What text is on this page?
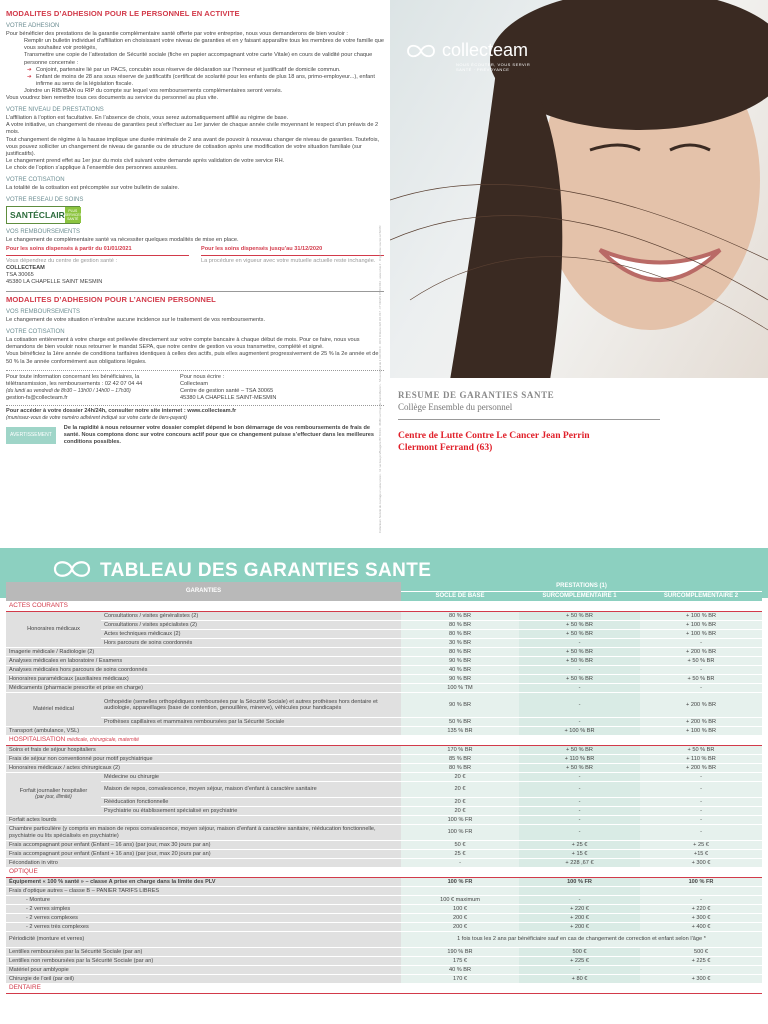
MODALITES D’ADHESION POUR LE PERSONNEL EN ACTIVITE
VOTRE ADHESION

Pour bénéficier des prestations de la garantie complémentaire santé offerte par votre entreprise, nous vous demanderons de bien vouloir :

Remplir un bulletin individuel d’affiliation en choisissant votre niveau de garanties et en y faisant apparaître tous les membres de votre famille que vous souhaitez voir protégés,

Transmettre une copie de l’attestation de Sécurité sociale (fiche en papier accompagnant votre carte Vitale) en cours de validité pour chaque personne concernée :

➔ Conjoint, partenaire lié par un PACS, concubin sous réserve de déclaration sur l’honneur et justificatif de domicile commun.

➔ Enfant de moins de 28 ans sous réserve de justificatifs (certificat de scolarité pour les enfants de plus 18 ans, primo-employeur...), enfant infirme au sens de la législation fiscale.

Joindre un RIB/IBAN ou RIP du compte sur lequel vos remboursements complémentaires seront versés.

Vous voudrez bien remettre tous ces documents au service du personnel au plus vite.

VOTRE NIVEAU DE PRESTATIONS

L’affiliation à l’option est facultative. En l’absence de choix, vous serez automatiquement affilié au régime de base.

A votre initiative, un changement de niveau de garanties peut s’effectuer au 1er janvier de chaque année civile moyennant le respect d’un préavis de 2 mois.

Tout changement de régime à la hausse implique une durée minimale de 2 ans avant de pouvoir à nouveau changer de niveau de garanties. Toutefois, vous pouvez solliciter un changement de niveau de garantie ou de structure de cotisation après une modification de votre situation familiale (sur justificatifs).

Le changement prend effet au 1er jour du mois civil suivant votre demande après validation de votre service RH.

Le choix de l’option s’applique à l’ensemble des personnes assurées.

VOTRE COTISATION

La totalité de la cotisation est précomptée sur votre bulletin de salaire.

VOTRE RESEAU DE SOINS
SANTÉCLAIR	PLUS SERVICES SANTÉ
VOS REMBOURSEMENTS

Le changement de complémentaire santé va nécessiter quelques modalités de mise en place.

Pour les soins dispensés à partir du 01/01/2021
Vous dépendrez du centre de gestion santé :
COLLECTEAM
TSA 30065
45380 LA CHAPELLE SAINT MESMIN
Pour les soins dispensés jusqu’au 31/12/2020
La procédure en vigueur avec votre mutuelle actuelle reste inchangée.
MODALITES D’ADHESION POUR L’ANCIEN PERSONNEL
VOS REMBOURSEMENTS

Le changement de votre situation n’entraîne aucune incidence sur le traitement de vos remboursements.

VOTRE COTISATION

La cotisation entièrement à votre charge est prélevée directement sur votre compte bancaire à chaque début de mois. Pour ce faire, nous vous demandons de bien vouloir nous retourner le mandat SEPA, que notre centre de gestion va vous transmettre, complété et signé.

Vous bénéficiez la 1ère année de conditions tarifaires identiques à celles des actifs, puis elles augmentent progressivement de 25 % la 2e année et de 50 % la 3e année conformément aux obligations légales.

Pour toute information concernant les bénéficiaires, la télétransmission, les remboursements : 02 42 07 04 44
(du lundi au vendredi de 8h30 – 13h00 / 14h00 – 17h30)
gestion-fs@collecteam.fr
Pour nous écrire :
Collecteam
Centre de gestion santé – TSA 30065
45380 LA CHAPELLE SAINT-MESMIN
Pour accéder à votre dossier 24h/24h, consulter notre site internet : www.collecteam.fr
(munissez-vous de votre numéro adhérent indiqué sur votre carte de tiers-payant)
AVERTISSEMENT
De la rapidité à nous retourner votre dossier complet dépend le bon démarrage de vos remboursements de frais de santé. Nous comptons donc sur votre concours actif pour que ce changement puisse s’effectuer dans les meilleures conditions possibles.
collecteam
NOUS ÉCOUTER, VOUS SERVIR
SANTÉ · PRÉVOYANCE
RESUME DE GARANTIES SANTE
Collège Ensemble du personnel
Centre de Lutte Contre Le Cancer Jean Perrin
Clermont Ferrand (63)
Collecteam Société de courtage en assurances · 12 rue Gouyon/Bougerie BP 50014 · 45380 La Chapelle Saint-Mesmin · SA au capital de 1 000 000 € · RCS Orléans 422 361 817 · N° ORIAS 07 003 864 · www.orias.fr · Organisme soumis à l’ACPR
TABLEAU DES GARANTIES SANTE
GARANTIES		PRESTATIONS (1)		
		SOCLE DE BASE	SURCOMPLEMENTAIRE 1	SURCOMPLEMENTAIRE 2
ACTES COURANTS				
Honoraires médicaux	Consultations / visites généralistes (2)	80 % BR	+ 50 % BR	+ 100 % BR
	Consultations / visites spécialistes (2)	80 % BR	+ 50 % BR	+ 100 % BR
	Actes techniques médicaux (2)	80 % BR	+ 50 % BR	+ 100 % BR
	Hors parcours de soins coordonnés	30 % BR	-	-
Imagerie médicale / Radiologie (2)		80 % BR	+ 50 % BR	+ 200 % BR
Analyses médicales en laboratoire / Examens		90 % BR	+ 50 % BR	+ 50 % BR
Analyses médicales hors parcours de soins coordonnés		40 % BR	-	-
Honoraires paramédicaux (auxiliaires médicaux)		90 % BR	+ 50 % BR	+ 50 % BR
Médicaments (pharmacie prescrite et prise en charge)		100 % TM	-	-
Matériel médical	Orthopédie (semelles orthopédiques remboursées par la Sécurité Sociale) et autres prothèses hors dentaire et audiologie, appareillages (base de contention, genouillère, minerve), véhicules pour handicapés	90 % BR	-	+ 200 % BR
	Prothèses capillaires et mammaires remboursées par la Sécurité Sociale	50 % BR	-	+ 200 % BR
Transport (ambulance, VSL)		135 % BR	+ 100 % BR	+ 100 % BR
HOSPITALISATION médicale, chirurgicale, maternité				
Soins et frais de séjour hospitaliers		170 % BR	+ 50 % BR	+ 50 % BR
Frais de séjour non conventionné pour motif psychiatrique		85 % BR	+ 110 % BR	+ 110 % BR
Honoraires médicaux / actes chirurgicaux (2)		80 % BR	+ 50 % BR	+ 200 % BR

Forfait journalier hospitalier
(par jour, illimité)	Médecine ou chirurgie	20 €	-	-
	Maison de repos, convalescence, moyen séjour, maison d’enfant à caractère sanitaire	20 €	-	-
	Rééducation fonctionnelle	20 €	-	-
	Psychiatrie ou établissement spécialisé en psychiatrie	20 €	-	-
Forfait actes lourds		100 % FR	-	-
Chambre particulière (y compris en maison de repos convalescence, moyen séjour, maison d’enfant à caractère sanitaire, rééducation fonctionnelle, psychiatrie ou lits spécialisés en psychiatrie)		100 % FR	-	-
Frais accompagnant pour enfant (Enfant – 16 ans) (par jour, max 30 jours par an)		50 €	+ 25 €	+ 25 €
Frais accompagnant pour enfant (Enfant + 16 ans) (par jour, max 20 jours par an)		25 €	+ 15 €	+15 €
Fécondation in vitro		-	+ 228 ,67 €	+ 300 €
OPTIQUE				
Équipement « 100 % santé » – classe A prise en charge dans la limite des PLV		100 % FR	100 % FR	100 % FR
Frais d’optique autres – classe B – PANIER TARIFS LIBRES				
- Monture		100 € maximum	-	-
- 2 verres simples		100 €	+ 220 €	+ 220 €
- 2 verres complexes		200 €	+ 200 €	+ 300 €
- 2 verres très complexes		200 €	+ 200 €	+ 400 €
Périodicité (monture et verres)		1 fois tous les 2 ans par bénéficiaire sauf en cas de changement de correction et enfant selon l’âge *		
Lentilles remboursées par la Sécurité Sociale (par an)		190 % BR	500 €	500 €
Lentilles non remboursées par la Sécurité Sociale (par an)		175 €	+ 225 €	+ 225 €
Matériel pour amblyopie		40 % BR	-	-
Chirurgie de l’œil (par œil)		170 €	+ 80 €	+ 300 €
DENTAIRE				
